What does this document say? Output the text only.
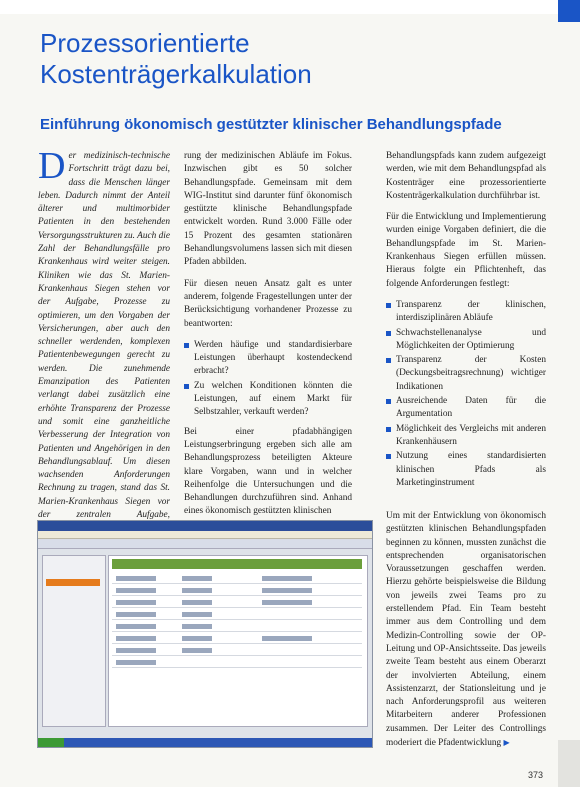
Prozessorientierte
Kostenträgerkalkulation
Einführung ökonomisch gestützter klinischer Behandlungspfade

Der medizinisch-technische Fortschritt trägt dazu bei, dass die Menschen länger leben. Dadurch nimmt der Anteil älterer und multimorbider Patienten in den bestehenden Versorgungsstrukturen zu. Auch die Zahl der Behandlungsfälle pro Krankenhaus wird weiter steigen. Kliniken wie das St. Marien-Krankenhaus Siegen stehen vor der Aufgabe, Prozesse zu optimieren, um den Vorgaben der Versicherungen, aber auch den schneller werdenden, komplexen Patientenbewegungen gerecht zu werden. Die zunehmende Emanzipation des Patienten verlangt dabei zusätzlich eine erhöhte Transparenz der Prozesse und somit eine ganzheitliche Verbesserung der Integration von Patienten und Angehörigen in den Behandlungsablauf. Um diesen wachsenden Anforderungen Rechnung zu tragen, stand das St. Marien-Krankenhaus Siegen vor der zentralen Aufgabe,

rung der medizinischen Abläufe im Fokus. Inzwischen gibt es 50 solcher Behandlungspfade. Gemeinsam mit dem WIG-Institut sind darunter fünf ökonomisch gestützte klinische Behandlungspfade entwickelt worden. Rund 3.000 Fälle oder 15 Prozent des gesamten stationären Behandlungsvolumens lassen sich mit diesen Pfaden abbilden.

Für diesen neuen Ansatz galt es unter anderem, folgende Fragestellungen unter der Berücksichtigung vorhandener Prozesse zu beantworten:

Werden häufige und standardisierbare Leistungen überhaupt kostendeckend erbracht?
Zu welchen Konditionen könnten die Leistungen, auf einem Markt für Selbstzahler, verkauft werden?

Bei einer pfadabhängigen Leistungserbringung ergeben sich alle am Behandlungsprozess beteiligten Akteure klare Vorgaben, wann und in welcher Reihenfolge die Untersuchungen und die Behandlungen durchzuführen sind. Anhand eines ökonomisch gestützten klinischen

Behandlungspfads kann zudem aufgezeigt werden, wie mit dem Behandlungspfad als Kostenträger eine prozessorientierte Kostenträgerkalkulation durchführbar ist.

Für die Entwicklung und Implementierung wurden einige Vorgaben definiert, die die Behandlungspfade im St. Marien-Krankenhaus Siegen erfüllen müssen. Hieraus folgte ein Pflichtenheft, das folgende Anforderungen festlegt:

Transparenz der klinischen, interdisziplinären Abläufe
Schwachstellenanalyse und Möglichkeiten der Optimierung
Transparenz der Kosten (Deckungsbeitragsrechnung) wichtiger Indikationen
Ausreichende Daten für die Argumentation
Möglichkeit des Vergleichs mit anderen Krankenhäusern
Nutzung eines standardisierten klinischen Pfads als Marketinginstrument

Um mit der Entwicklung von ökonomisch gestützten klinischen Behandlungspfaden beginnen zu können, mussten zunächst die entsprechenden organisatorischen Voraussetzungen geschaffen werden. Hierzu gehörte beispielsweise die Bildung von jeweils zwei Teams pro zu erstellendem Pfad. Ein Team besteht immer aus dem Controlling und dem Medizin-Controlling sowie der OP-Leitung und OP-Ansichtsseite. Das jeweils zweite Team besteht aus einem Oberarzt der involvierten Abteilung, einem Assistenzarzt, der Stationsleitung und je nach Anforderungsprofil aus weiteren Mitarbeitern anderer Professionen zusammen. Der Leiter des Controllings moderiert die Pfadentwicklung ▶

373
